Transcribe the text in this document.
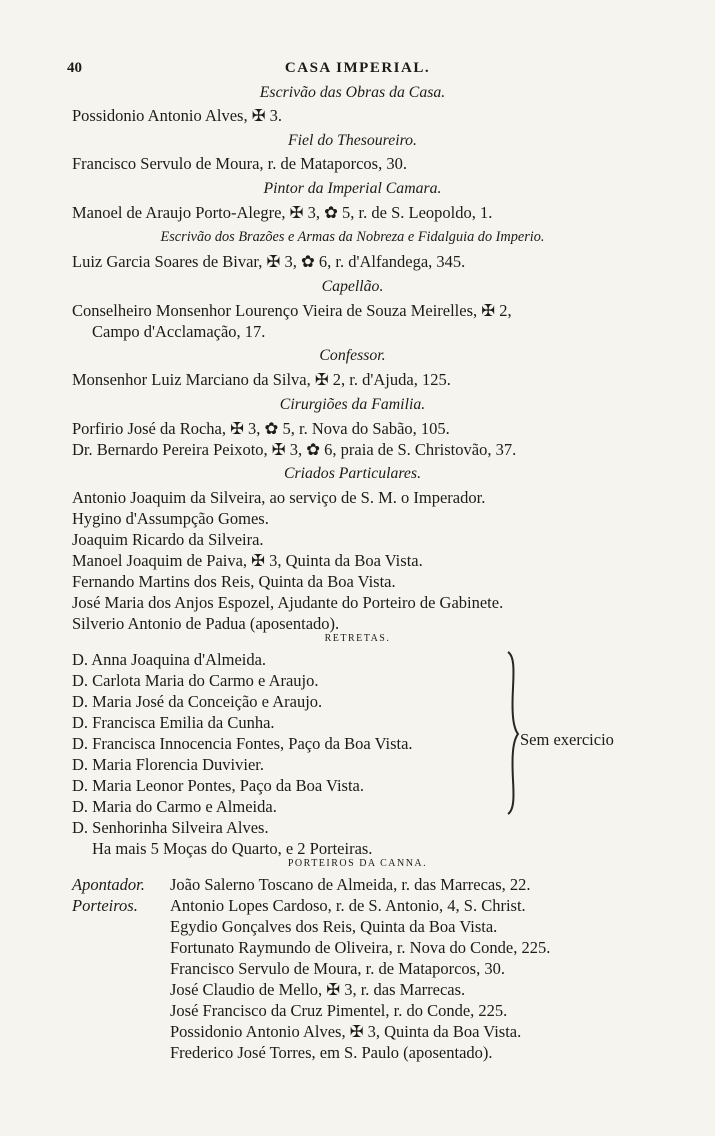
40	CASA IMPERIAL.
Escrivão das Obras da Casa.
Possidonio Antonio Alves, ✠ 3.
Fiel do Thesoureiro.
Francisco Servulo de Moura, r. de Mataporcos, 30.
Pintor da Imperial Camara.
Manoel de Araujo Porto-Alegre, ✠ 3, ✿ 5, r. de S. Leopoldo, 1.
Escrivão dos Brazões e Armas da Nobreza e Fidalguia do Imperio.
Luiz Garcia Soares de Bivar, ✠ 3, ✿ 6, r. d'Alfandega, 345.
Capellão.
Conselheiro Monsenhor Lourenço Vieira de Souza Meirelles, ✠ 2,
Campo d'Acclamação, 17.
Confessor.
Monsenhor Luiz Marciano da Silva, ✠ 2, r. d'Ajuda, 125.
Cirurgiões da Familia.
Porfirio José da Rocha, ✠ 3, ✿ 5, r. Nova do Sabão, 105.
Dr. Bernardo Pereira Peixoto, ✠ 3, ✿ 6, praia de S. Christovão, 37.
Criados Particulares.
Antonio Joaquim da Silveira, ao serviço de S. M. o Imperador.
Hygino d'Assumpção Gomes.
Joaquim Ricardo da Silveira.
Manoel Joaquim de Paiva, ✠ 3, Quinta da Boa Vista.
Fernando Martins dos Reis, Quinta da Boa Vista.
José Maria dos Anjos Espozel, Ajudante do Porteiro de Gabinete.
Silverio Antonio de Padua (aposentado).
RETRETAS.
D. Anna Joaquina d'Almeida.
D. Carlota Maria do Carmo e Araujo.
D. Maria José da Conceição e Araujo.
D. Francisca Emilia da Cunha.
D. Francisca Innocencia Fontes, Paço da Boa Vista.
D. Maria Florencia Duvivier.
D. Maria Leonor Pontes, Paço da Boa Vista.
D. Maria do Carmo e Almeida.
D. Senhorinha Silveira Alves.
Sem exercicio
Ha mais 5 Moças do Quarto, e 2 Porteiras.
PORTEIROS DA CANNA.
Apontador.
Porteiros.
João Salerno Toscano de Almeida, r. das Marrecas, 22.
Antonio Lopes Cardoso, r. de S. Antonio, 4, S. Christ.
Egydio Gonçalves dos Reis, Quinta da Boa Vista.
Fortunato Raymundo de Oliveira, r. Nova do Conde, 225.
Francisco Servulo de Moura, r. de Mataporcos, 30.
José Claudio de Mello, ✠ 3, r. das Marrecas.
José Francisco da Cruz Pimentel, r. do Conde, 225.
Possidonio Antonio Alves, ✠ 3, Quinta da Boa Vista.
Frederico José Torres, em S. Paulo (aposentado).
